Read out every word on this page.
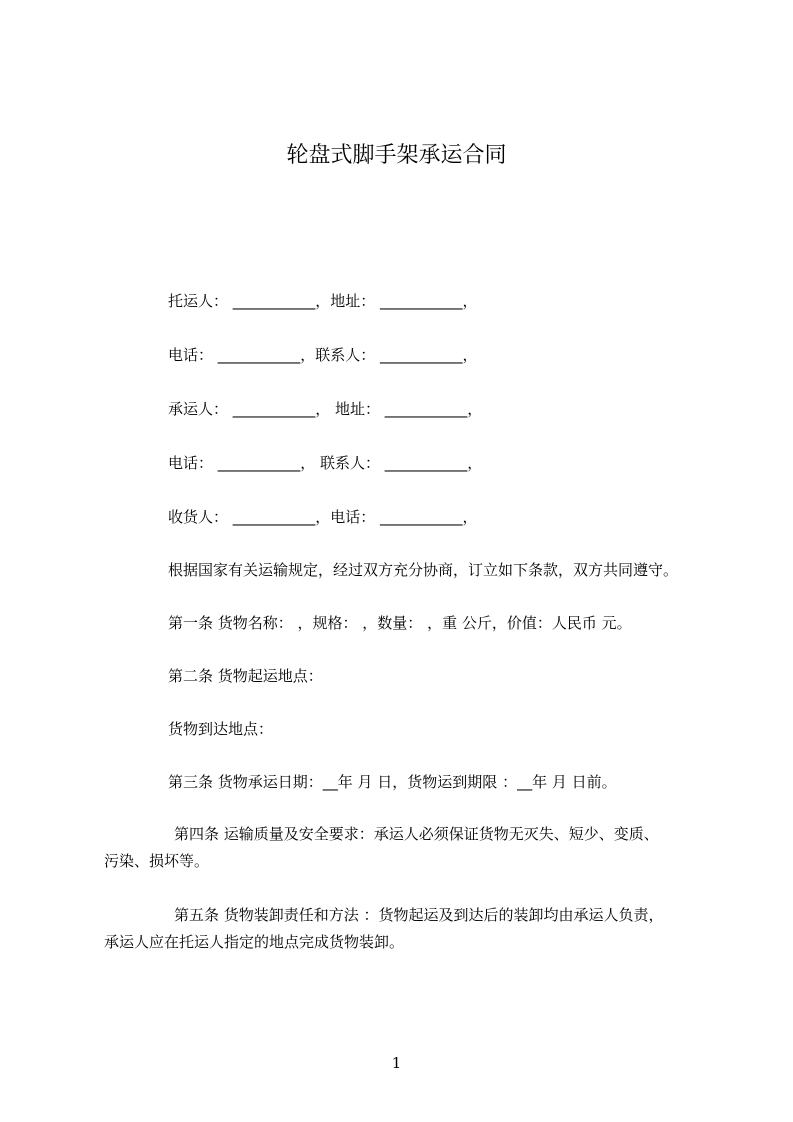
轮盘式脚手架承运合同
托运人： ___________，地址： ___________，
电话： ___________，联系人： ___________，
承运人： ___________， 地址： ___________，
电话： ___________， 联系人： ___________，
收货人： ___________，电话： ___________，
根据国家有关运输规定，经过双方充分协商，订立如下条款，双方共同遵守。
第一条 货物名称： ，规格： ，数量： ，重 公斤，价值：人民币 元。
第二条 货物起运地点：
货物到达地点：
第三条 货物承运日期：__年 月 日，货物运到期限 ：__年 月 日前。
第四条 运输质量及安全要求：承运人必须保证货物无灭失、短少、变质、
污染、损坏等。
第五条 货物装卸责任和方法 ：货物起运及到达后的装卸均由承运人负责，
承运人应在托运人指定的地点完成货物装卸。
1
